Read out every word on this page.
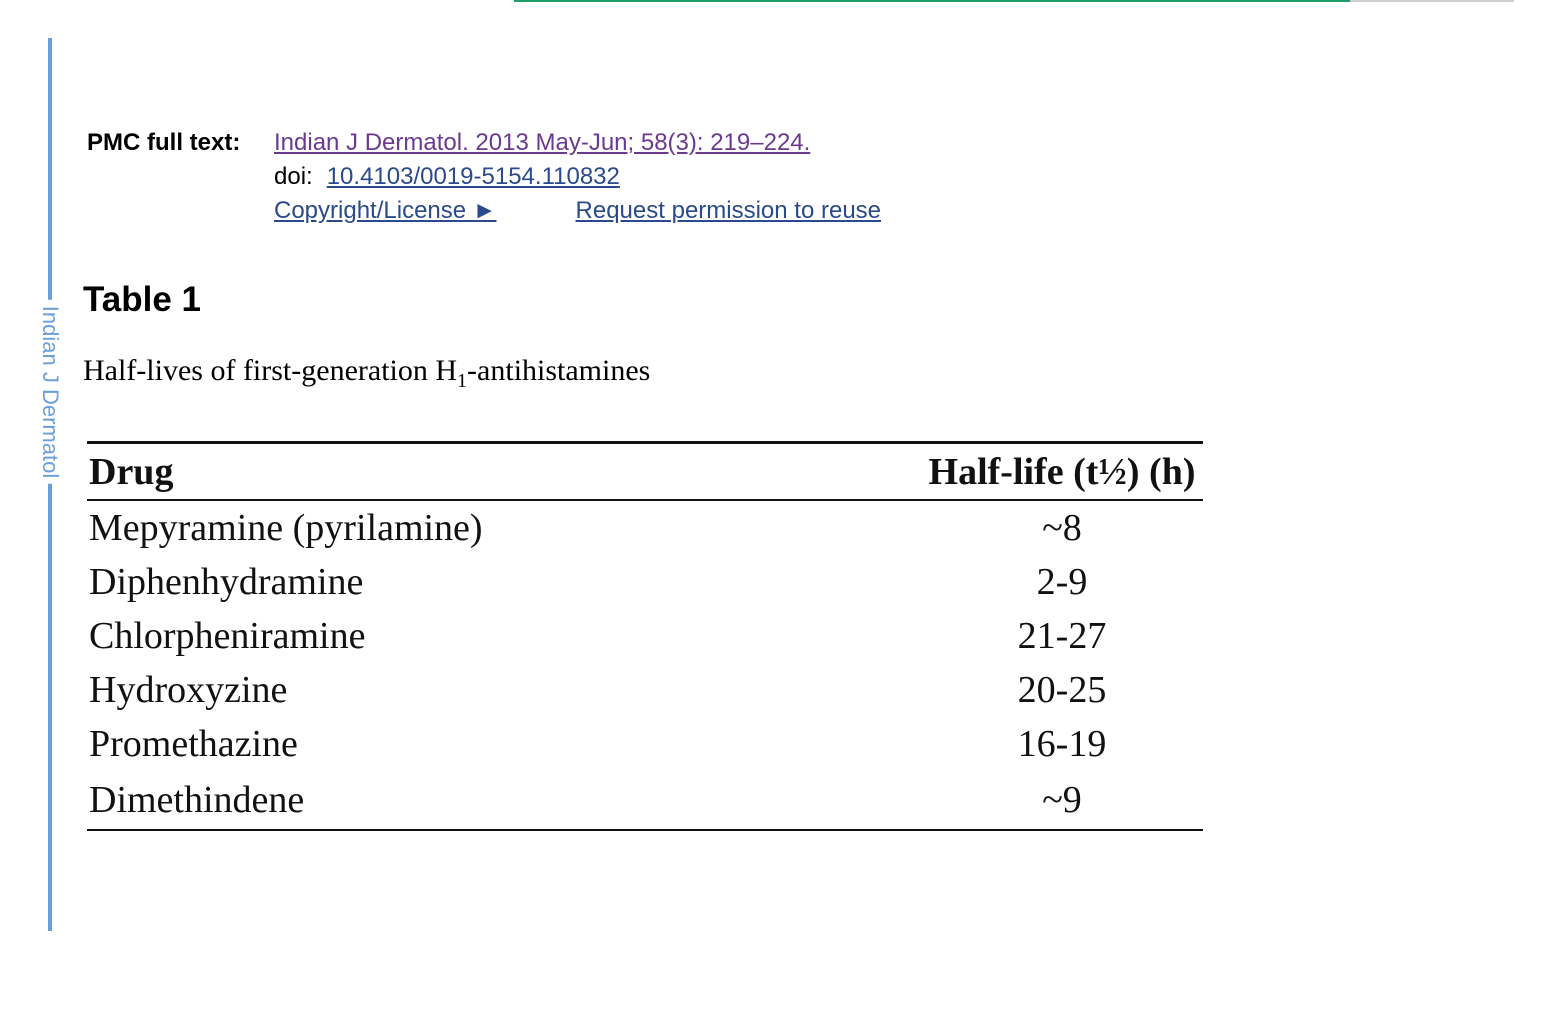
Indian J Dermatol
PMC full text:	Indian J Dermatol. 2013 May-Jun; 58(3): 219–224.
doi: 10.4103/0019-5154.110832
Copyright/License ►	Request permission to reuse
Table 1
Half-lives of first-generation $H_1$-antihistamines
Drug	Half-life (t½) (h)
Mepyramine (pyrilamine)	~8
Diphenhydramine	2-9
Chlorpheniramine	21-27
Hydroxyzine	20-25
Promethazine	16-19
Dimethindene	~9
